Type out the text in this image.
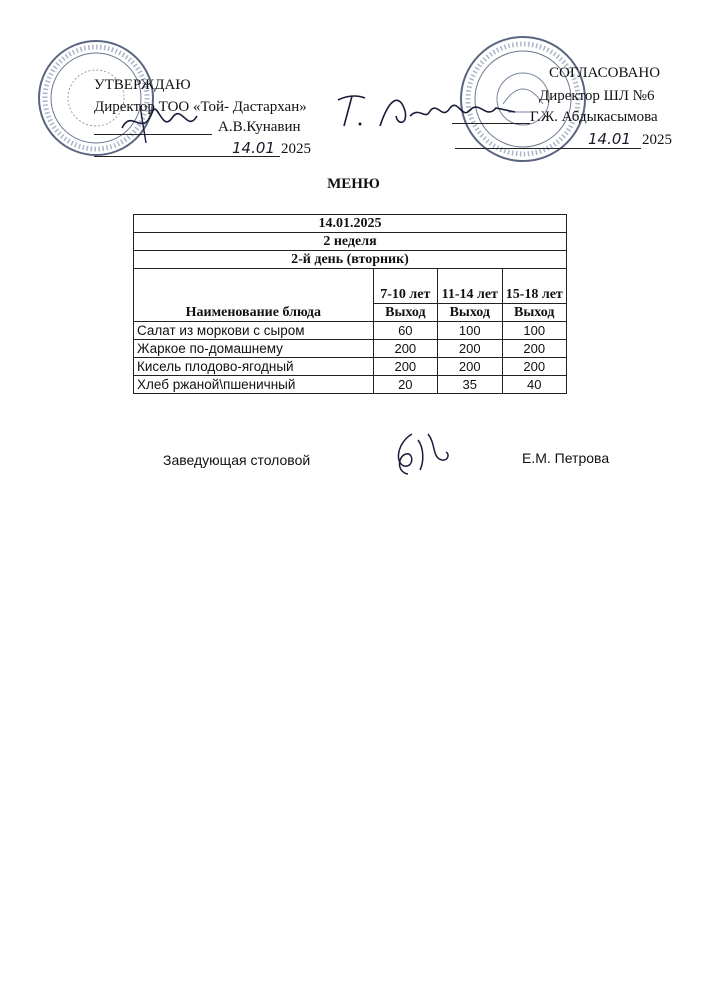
УТВЕРЖДАЮ
Директор ТОО «Той- Дастархан»
А.В.Кунавин
14.01 2025
СОГЛАСОВАНО
Директор ШЛ №6
Г.Ж. Абдыкасымова
14.01 2025
МЕНЮ
14.01.2025			
2 неделя			
2-й день (вторник)			
Наименование блюда	7-10 лет	11-14 лет	15-18 лет
	Выход	Выход	Выход
Салат из моркови с сыром	60	100	100
Жаркое по-домашнему	200	200	200
Кисель плодово-ягодный	200	200	200
Хлеб ржаной\пшеничный	20	35	40
Заведующая столовой	Е.М. Петрова
